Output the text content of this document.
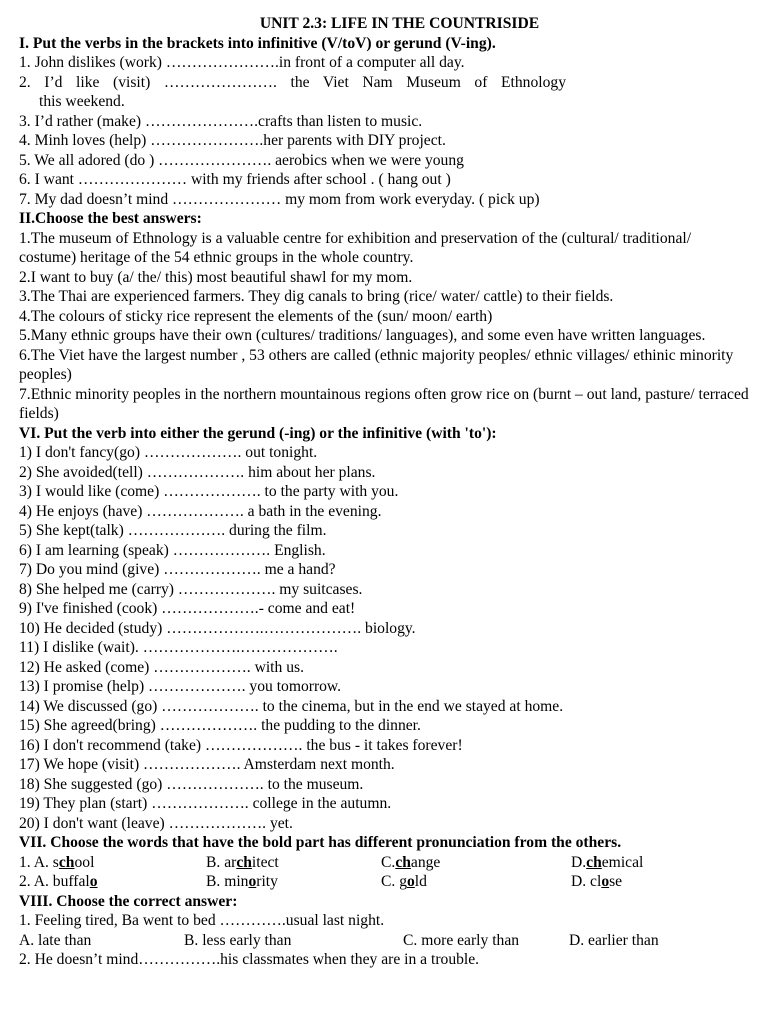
UNIT 2.3: LIFE IN THE COUNTRISIDE
I. Put the verbs in the brackets into infinitive (V/toV) or gerund (V-ing).
1. John dislikes (work) ………………….in front of a computer all day.
2. I’d like (visit) …………………. the Viet Nam Museum of Ethnology
this weekend.
3. I’d rather (make) ………………….crafts than listen to music.
4. Minh loves (help) ………………….her parents with DIY project.
5. We all adored (do ) …………………. aerobics when we were young
6. I want ………………… with my friends after school . ( hang out )
7. My dad doesn’t mind ………………… my mom from work everyday. ( pick up)
II.Choose the best answers:
1.The museum of Ethnology is a valuable centre for exhibition and preservation of the (cultural/ traditional/ costume) heritage of the 54 ethnic groups in the whole country.
2.I want to buy (a/ the/ this) most beautiful shawl for my mom.
3.The Thai are experienced farmers. They dig canals to bring (rice/ water/ cattle) to their fields.
4.The colours of sticky rice represent the elements of the (sun/ moon/ earth)
5.Many ethnic groups have their own (cultures/ traditions/ languages), and some even have written languages.
6.The Viet have the largest number , 53 others are called (ethnic majority peoples/ ethnic villages/ ethinic minority peoples)
7.Ethnic minority peoples in the northern mountainous regions often grow rice on (burnt – out land, pasture/ terraced fields)
VI. Put the verb into either the gerund (-ing) or the infinitive (with 'to'):
1) I don't fancy(go) ………………. out tonight.
2) She avoided(tell) ………………. him about her plans.
3) I would like (come) ………………. to the party with you.
4) He enjoys (have) ………………. a bath in the evening.
5) She kept(talk) ………………. during the film.
6) I am learning (speak) ………………. English.
7) Do you mind (give) ………………. me a hand?
8) She helped me (carry) ………………. my suitcases.
9) I've finished (cook) ……………….- come and eat!
10) He decided (study) ……………….………………. biology.
11) I dislike (wait). ……………….……………….
12) He asked (come) ………………. with us.
13) I promise (help) ………………. you tomorrow.
14) We discussed (go) ………………. to the cinema, but in the end we stayed at home.
15) She agreed(bring) ………………. the pudding to the dinner.
16) I don't recommend (take) ………………. the bus - it takes forever!
17) We hope (visit) ………………. Amsterdam next month.
18) She suggested (go) ………………. to the museum.
19) They plan (start) ………………. college in the autumn.
20) I don't want (leave) ………………. yet.
VII. Choose the words that have the bold part has different pronunciation from the others.
1. A. school	B. architect	C.change	D.chemical
2. A. buffalo	B. minority	C. gold	D. close
VIII. Choose the correct answer:
1. Feeling tired, Ba went to bed ………….usual last night.
A. late than	B. less early than	C. more early than	D. earlier than
2. He doesn’t mind…………….his classmates when they are in a trouble.
